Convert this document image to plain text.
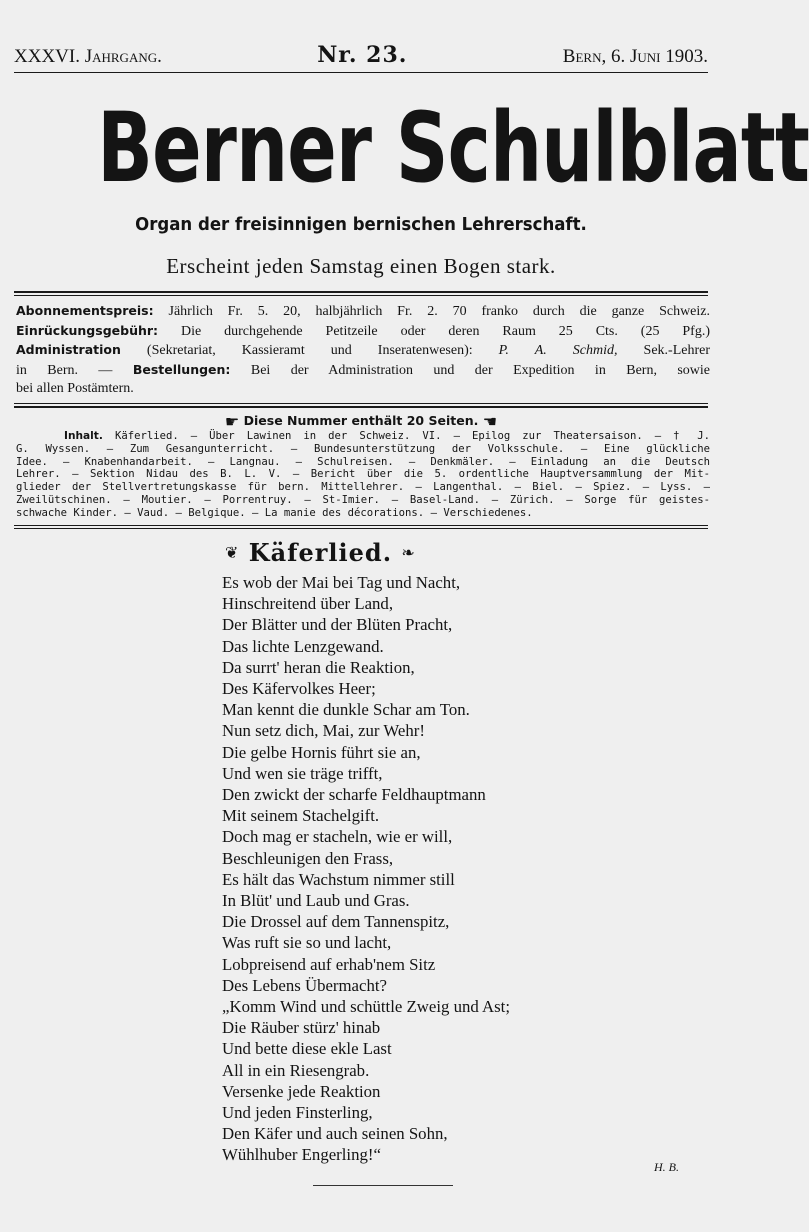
XXXVI. Jahrgang.	Nr. 23.	Bern, 6. Juni 1903.
Berner Schulblatt
Organ der freisinnigen bernischen Lehrerschaft.
Erscheint jeden Samstag einen Bogen stark.
Abonnementspreis: Jährlich Fr. 5. 20, halbjährlich Fr. 2. 70 franko durch die ganze Schweiz.
Einrückungsgebühr: Die durchgehende Petitzeile oder deren Raum 25 Cts. (25 Pfg.)
Administration (Sekretariat, Kassieramt und Inseratenwesen): P. A. Schmid, Sek.-Lehrer
in Bern. — Bestellungen: Bei der Administration und der Expedition in Bern, sowie
bei allen Postämtern.
☛ Diese Nummer enthält 20 Seiten. ☚
Inhalt. Käferlied. — Über Lawinen in der Schweiz. VI. — Epilog zur Theatersaison. — † J.
G. Wyssen. — Zum Gesangunterricht. — Bundesunterstützung der Volksschule. — Eine glückliche
Idee. — Knabenhandarbeit. — Langnau. — Schulreisen. — Denkmäler. — Einladung an die Deutsch
Lehrer. — Sektion Nidau des B. L. V. — Bericht über die 5. ordentliche Hauptversammlung der Mit-
glieder der Stellvertretungskasse für bern. Mittellehrer. — Langenthal. — Biel. — Spiez. — Lyss. —
Zweilütschinen. — Moutier. — Porrentruy. — St-Imier. — Basel-Land. — Zürich. — Sorge für geistes-
schwache Kinder. — Vaud. — Belgique. — La manie des décorations. — Verschiedenes.
❦ Käferlied. ❧
Es wob der Mai bei Tag und Nacht,
Hinschreitend über Land,
Der Blätter und der Blüten Pracht,
Das lichte Lenzgewand.
Da surrt' heran die Reaktion,
Des Käfervolkes Heer;
Man kennt die dunkle Schar am Ton.
Nun setz dich, Mai, zur Wehr!
Die gelbe Hornis führt sie an,
Und wen sie träge trifft,
Den zwickt der scharfe Feldhauptmann
Mit seinem Stachelgift.
Doch mag er stacheln, wie er will,
Beschleunigen den Frass,
Es hält das Wachstum nimmer still
In Blüt' und Laub und Gras.
Die Drossel auf dem Tannenspitz,
Was ruft sie so und lacht,
Lobpreisend auf erhab'nem Sitz
Des Lebens Übermacht?
„Komm Wind und schüttle Zweig und Ast;
Die Räuber stürz' hinab
Und bette diese ekle Last
All in ein Riesengrab.
Versenke jede Reaktion
Und jeden Finsterling,
Den Käfer und auch seinen Sohn,
Wühlhuber Engerling!“
H. B.
